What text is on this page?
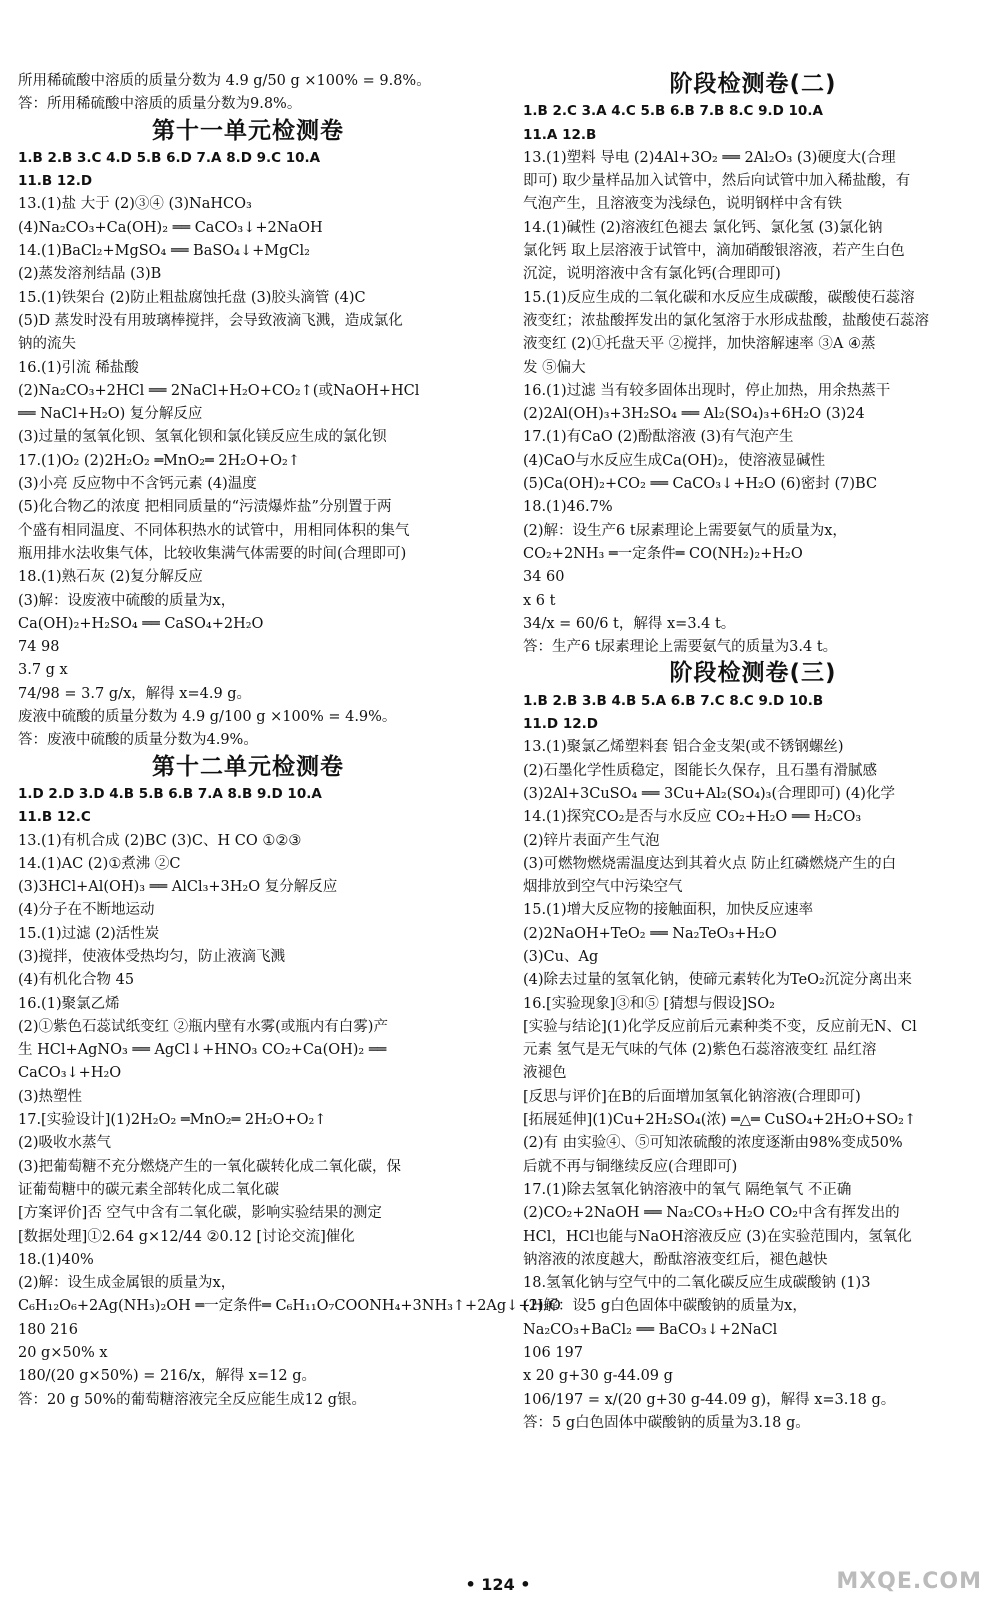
所用稀硫酸中溶质的质量分数为 4.9 g/50 g ×100% = 9.8%。
答：所用稀硫酸中溶质的质量分数为9.8%。
第十一单元检测卷
1.B 2.B 3.C 4.D 5.B 6.D 7.A 8.D 9.C 10.A
11.B 12.D
13.(1)盐 大于 (2)③④ (3)NaHCO₃
(4)Na₂CO₃+Ca(OH)₂ ══ CaCO₃↓+2NaOH
14.(1)BaCl₂+MgSO₄ ══ BaSO₄↓+MgCl₂
(2)蒸发溶剂结晶 (3)B
15.(1)铁架台 (2)防止粗盐腐蚀托盘 (3)胶头滴管 (4)C
(5)D 蒸发时没有用玻璃棒搅拌，会导致液滴飞溅，造成氯化
钠的流失
16.(1)引流 稀盐酸
(2)Na₂CO₃+2HCl ══ 2NaCl+H₂O+CO₂↑(或NaOH+HCl
══ NaCl+H₂O) 复分解反应
(3)过量的氢氧化钡、氢氧化钡和氯化镁反应生成的氯化钡
17.(1)O₂ (2)2H₂O₂ ═MnO₂═ 2H₂O+O₂↑
(3)小亮 反应物中不含钙元素 (4)温度
(5)化合物乙的浓度 把相同质量的“污渍爆炸盐”分别置于两
个盛有相同温度、不同体积热水的试管中，用相同体积的集气
瓶用排水法收集气体，比较收集满气体需要的时间(合理即可)
18.(1)熟石灰 (2)复分解反应
(3)解：设废液中硫酸的质量为x，
Ca(OH)₂+H₂SO₄ ══ CaSO₄+2H₂O
74 98
3.7 g x
74/98 = 3.7 g/x，解得 x=4.9 g。
废液中硫酸的质量分数为 4.9 g/100 g ×100% = 4.9%。
答：废液中硫酸的质量分数为4.9%。
第十二单元检测卷
1.D 2.D 3.D 4.B 5.B 6.B 7.A 8.B 9.D 10.A
11.B 12.C
13.(1)有机合成 (2)BC (3)C、H CO ①②③
14.(1)AC (2)①煮沸 ②C
(3)3HCl+Al(OH)₃ ══ AlCl₃+3H₂O 复分解反应
(4)分子在不断地运动
15.(1)过滤 (2)活性炭
(3)搅拌，使液体受热均匀，防止液滴飞溅
(4)有机化合物 45
16.(1)聚氯乙烯
(2)①紫色石蕊试纸变红 ②瓶内壁有水雾(或瓶内有白雾)产
生 HCl+AgNO₃ ══ AgCl↓+HNO₃ CO₂+Ca(OH)₂ ══
CaCO₃↓+H₂O
(3)热塑性
17.[实验设计](1)2H₂O₂ ═MnO₂═ 2H₂O+O₂↑
(2)吸收水蒸气
(3)把葡萄糖不充分燃烧产生的一氧化碳转化成二氧化碳，保
证葡萄糖中的碳元素全部转化成二氧化碳
[方案评价]否 空气中含有二氧化碳，影响实验结果的测定
[数据处理]①2.64 g×12/44 ②0.12 [讨论交流]催化
18.(1)40%
(2)解：设生成金属银的质量为x，
C₆H₁₂O₆+2Ag(NH₃)₂OH ═一定条件═ C₆H₁₁O₇COONH₄+3NH₃↑+2Ag↓+H₂O
180 216
20 g×50% x
180/(20 g×50%) = 216/x，解得 x=12 g。
答：20 g 50%的葡萄糖溶液完全反应能生成12 g银。
阶段检测卷(二)
1.B 2.C 3.A 4.C 5.B 6.B 7.B 8.C 9.D 10.A
11.A 12.B
13.(1)塑料 导电 (2)4Al+3O₂ ══ 2Al₂O₃ (3)硬度大(合理
即可) 取少量样品加入试管中，然后向试管中加入稀盐酸，有
气泡产生，且溶液变为浅绿色，说明钢样中含有铁
14.(1)碱性 (2)溶液红色褪去 氯化钙、氯化氢 (3)氯化钠
氯化钙 取上层溶液于试管中，滴加硝酸银溶液，若产生白色
沉淀，说明溶液中含有氯化钙(合理即可)
15.(1)反应生成的二氧化碳和水反应生成碳酸，碳酸使石蕊溶
液变红；浓盐酸挥发出的氯化氢溶于水形成盐酸，盐酸使石蕊溶
液变红 (2)①托盘天平 ②搅拌，加快溶解速率 ③A ④蒸
发 ⑤偏大
16.(1)过滤 当有较多固体出现时，停止加热，用余热蒸干
(2)2Al(OH)₃+3H₂SO₄ ══ Al₂(SO₄)₃+6H₂O (3)24
17.(1)有CaO (2)酚酞溶液 (3)有气泡产生
(4)CaO与水反应生成Ca(OH)₂，使溶液显碱性
(5)Ca(OH)₂+CO₂ ══ CaCO₃↓+H₂O (6)密封 (7)BC
18.(1)46.7%
(2)解：设生产6 t尿素理论上需要氨气的质量为x，
CO₂+2NH₃ ═一定条件═ CO(NH₂)₂+H₂O
34 60
x 6 t
34/x = 60/6 t，解得 x=3.4 t。
答：生产6 t尿素理论上需要氨气的质量为3.4 t。
阶段检测卷(三)
1.B 2.B 3.B 4.B 5.A 6.B 7.C 8.C 9.D 10.B
11.D 12.D
13.(1)聚氯乙烯塑料套 铝合金支架(或不锈钢螺丝)
(2)石墨化学性质稳定，图能长久保存，且石墨有滑腻感
(3)2Al+3CuSO₄ ══ 3Cu+Al₂(SO₄)₃(合理即可) (4)化学
14.(1)探究CO₂是否与水反应 CO₂+H₂O ══ H₂CO₃
(2)锌片表面产生气泡
(3)可燃物燃烧需温度达到其着火点 防止红磷燃烧产生的白
烟排放到空气中污染空气
15.(1)增大反应物的接触面积，加快反应速率
(2)2NaOH+TeO₂ ══ Na₂TeO₃+H₂O
(3)Cu、Ag
(4)除去过量的氢氧化钠，使碲元素转化为TeO₂沉淀分离出来
16.[实验现象]③和⑤ [猜想与假设]SO₂
[实验与结论](1)化学反应前后元素种类不变，反应前无N、Cl
元素 氢气是无气味的气体 (2)紫色石蕊溶液变红 品红溶
液褪色
[反思与评价]在B的后面增加氢氧化钠溶液(合理即可)
[拓展延伸](1)Cu+2H₂SO₄(浓) ═△═ CuSO₄+2H₂O+SO₂↑
(2)有 由实验④、⑤可知浓硫酸的浓度逐渐由98%变成50%
后就不再与铜继续反应(合理即可)
17.(1)除去氢氧化钠溶液中的氧气 隔绝氧气 不正确
(2)CO₂+2NaOH ══ Na₂CO₃+H₂O CO₂中含有挥发出的
HCl，HCl也能与NaOH溶液反应 (3)在实验范围内，氢氧化
钠溶液的浓度越大，酚酞溶液变红后，褪色越快
18.氢氧化钠与空气中的二氧化碳反应生成碳酸钠 (1)3
(2)解：设5 g白色固体中碳酸钠的质量为x，
Na₂CO₃+BaCl₂ ══ BaCO₃↓+2NaCl
106 197
x 20 g+30 g-44.09 g
106/197 = x/(20 g+30 g-44.09 g)，解得 x=3.18 g。
答：5 g白色固体中碳酸钠的质量为3.18 g。
• 124 •	MXQE.COM
